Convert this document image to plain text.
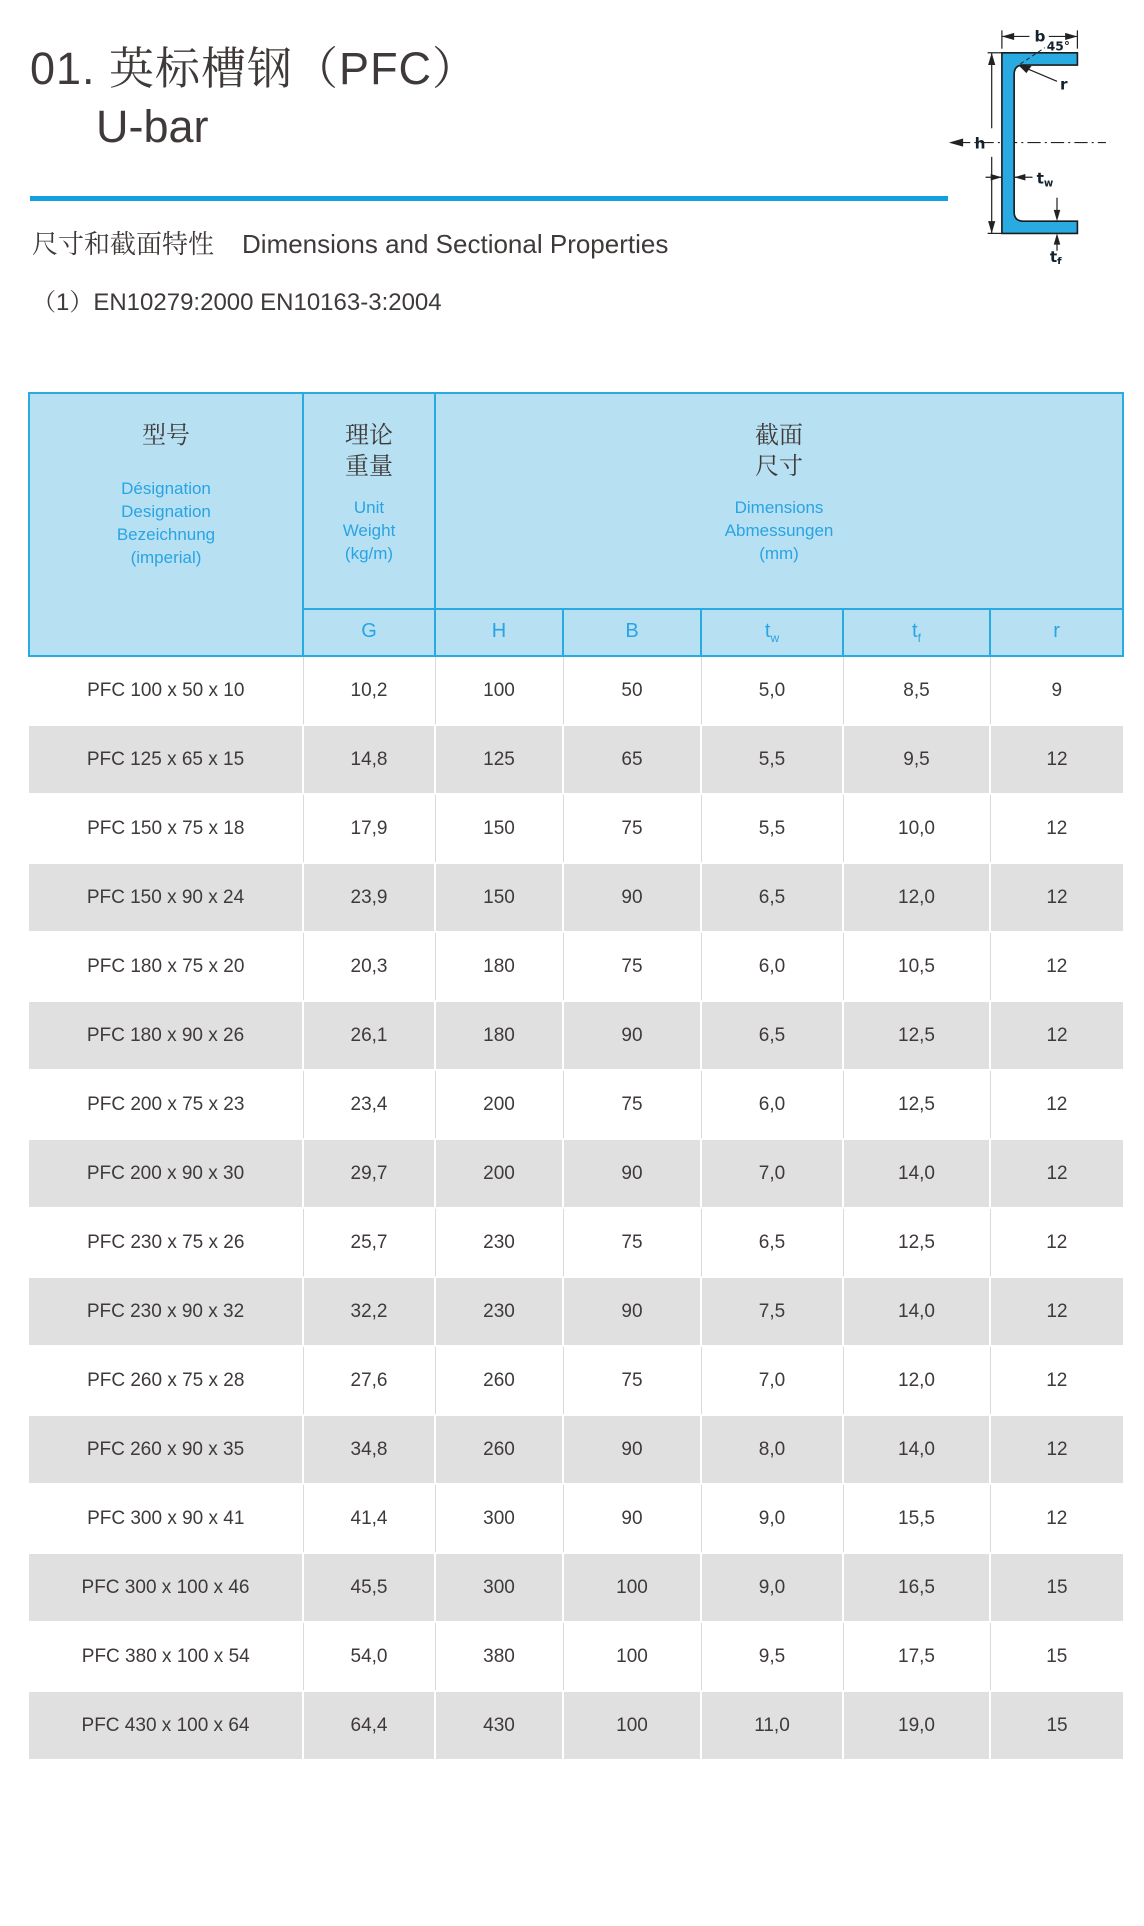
01. 英标槽钢（PFC）
U-bar
尺寸和截面特性 Dimensions and Sectional Properties
（1）EN10279:2000 EN10163-3:2004
b
45°
r
h
$t_w$
$t_f$
型号
Désignation
Designation
Bezeichnung
(imperial)

理论
重量
Unit
Weight
(kg/m)

截面
尺寸
Dimensions
Abmessungen
(mm)

	G	H	B	$t_w$	$t_f$	r
PFC 100 x 50 x 10	10,2	100	50	5,0	8,5	9
PFC 125 x 65 x 15	14,8	125	65	5,5	9,5	12
PFC 150 x 75 x 18	17,9	150	75	5,5	10,0	12
PFC 150 x 90 x 24	23,9	150	90	6,5	12,0	12
PFC 180 x 75 x 20	20,3	180	75	6,0	10,5	12
PFC 180 x 90 x 26	26,1	180	90	6,5	12,5	12
PFC 200 x 75 x 23	23,4	200	75	6,0	12,5	12
PFC 200 x 90 x 30	29,7	200	90	7,0	14,0	12
PFC 230 x 75 x 26	25,7	230	75	6,5	12,5	12
PFC 230 x 90 x 32	32,2	230	90	7,5	14,0	12
PFC 260 x 75 x 28	27,6	260	75	7,0	12,0	12
PFC 260 x 90 x 35	34,8	260	90	8,0	14,0	12
PFC 300 x 90 x 41	41,4	300	90	9,0	15,5	12
PFC 300 x 100 x 46	45,5	300	100	9,0	16,5	15
PFC 380 x 100 x 54	54,0	380	100	9,5	17,5	15
PFC 430 x 100 x 64	64,4	430	100	11,0	19,0	15
